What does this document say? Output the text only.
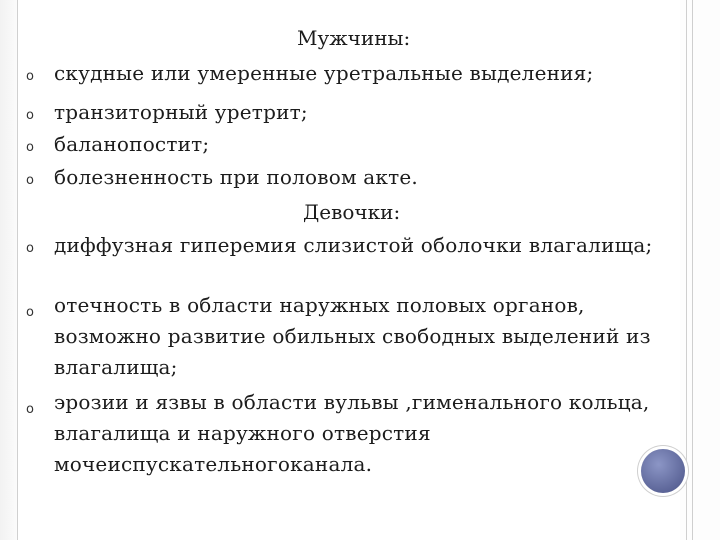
Мужчины:
o скудные или умеренные уретральные выделения;
o транзиторный уретрит;
o баланопостит;
o болезненность при половом акте.
Девочки:
o диффузная гиперемия слизистой оболочки влагалища;
o отечность в области наружных половых органов, возможно развитие обильных свободных выделений из влагалища;
o эрозии и язвы в области вульвы ,гименального кольца, влагалища и наружного отверстия мочеиспускательногоканала.
